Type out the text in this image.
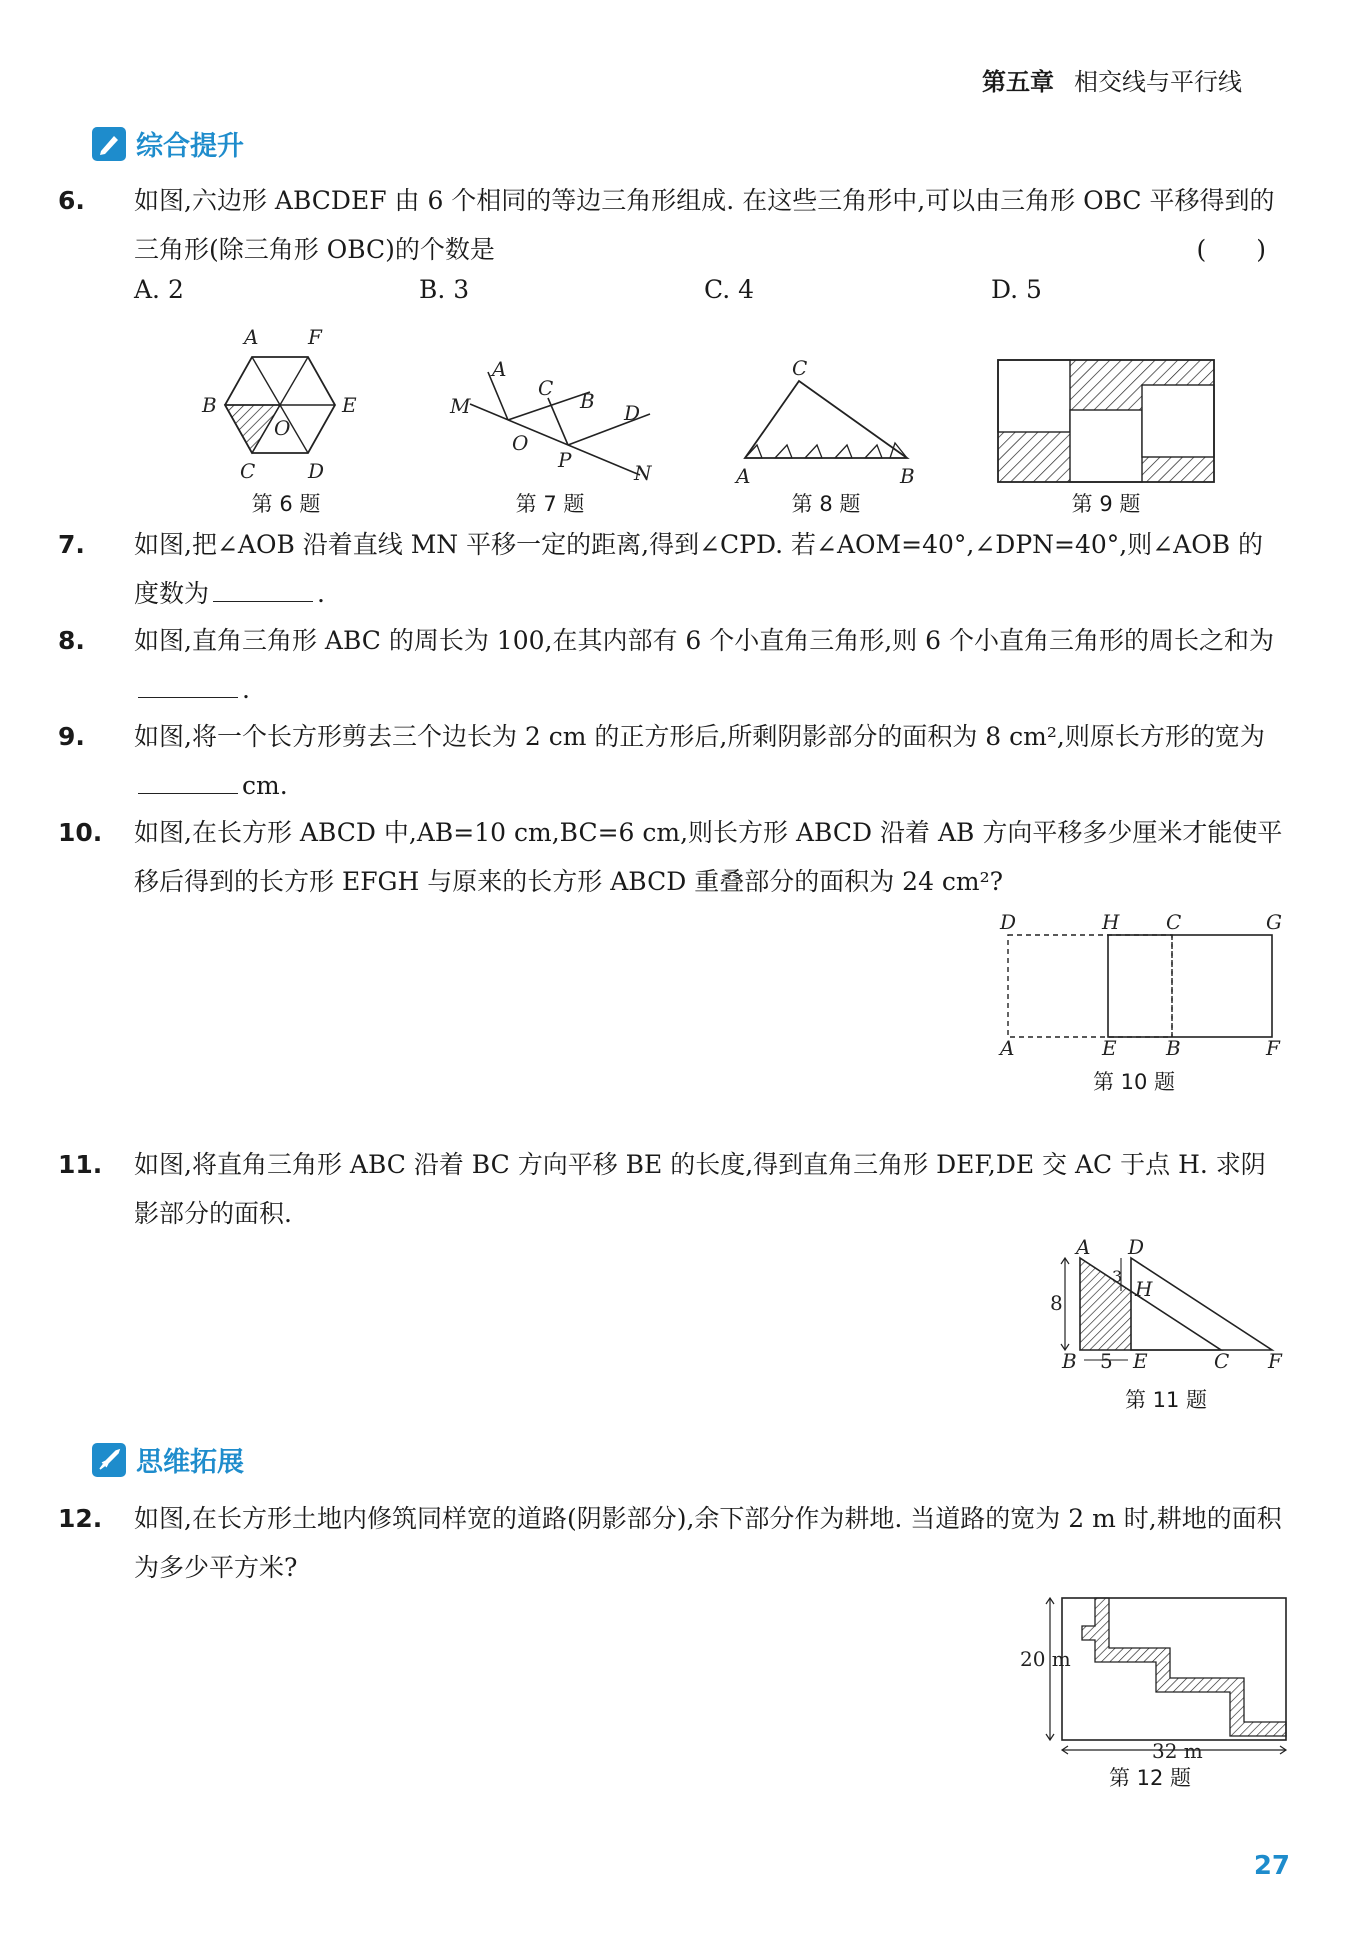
第五章 相交线与平行线
综合提升
6. 如图,六边形 ABCDEF 由 6 个相同的等边三角形组成. 在这些三角形中,可以由三角形 OBC 平移得到的三角形(除三角形 OBC)的个数是	(　　)
A. 2	B. 3	C. 4	D. 5
A F
B	E
O
C	D
第 6 题
A
C
B
M	D
O
P
N
第 7 题
C
A	B
第 8 题	第 9 题
7. 如图,把∠AOB 沿着直线 MN 平移一定的距离,得到∠CPD. 若∠AOM=40°,∠DPN=40°,则∠AOB 的度数为	.
8. 如图,直角三角形 ABC 的周长为 100,在其内部有 6 个小直角三角形,则 6 个小直角三角形的周长之和为.
9. 如图,将一个长方形剪去三个边长为 2 cm 的正方形后,所剩阴影部分的面积为 8 cm²,则原长方形的宽为cm.
10. 如图,在长方形 ABCD 中,AB=10 cm,BC=6 cm,则长方形 ABCD 沿着 AB 方向平移多少厘米才能使平移后得到的长方形 EFGH 与原来的长方形 ABCD 重叠部分的面积为 24 cm²?
D	H C	G
A	E B	F
第 10 题
11. 如图,将直角三角形 ABC 沿着 BC 方向平移 BE 的长度,得到直角三角形 DEF,DE 交 AC 于点 H. 求阴影部分的面积.
A D
3
H
8
B 5 E	C F
第 11 题
思维拓展
12. 如图,在长方形土地内修筑同样宽的道路(阴影部分),余下部分作为耕地. 当道路的宽为 2 m 时,耕地的面积为多少平方米?
20 m
32 m
第 12 题
27
